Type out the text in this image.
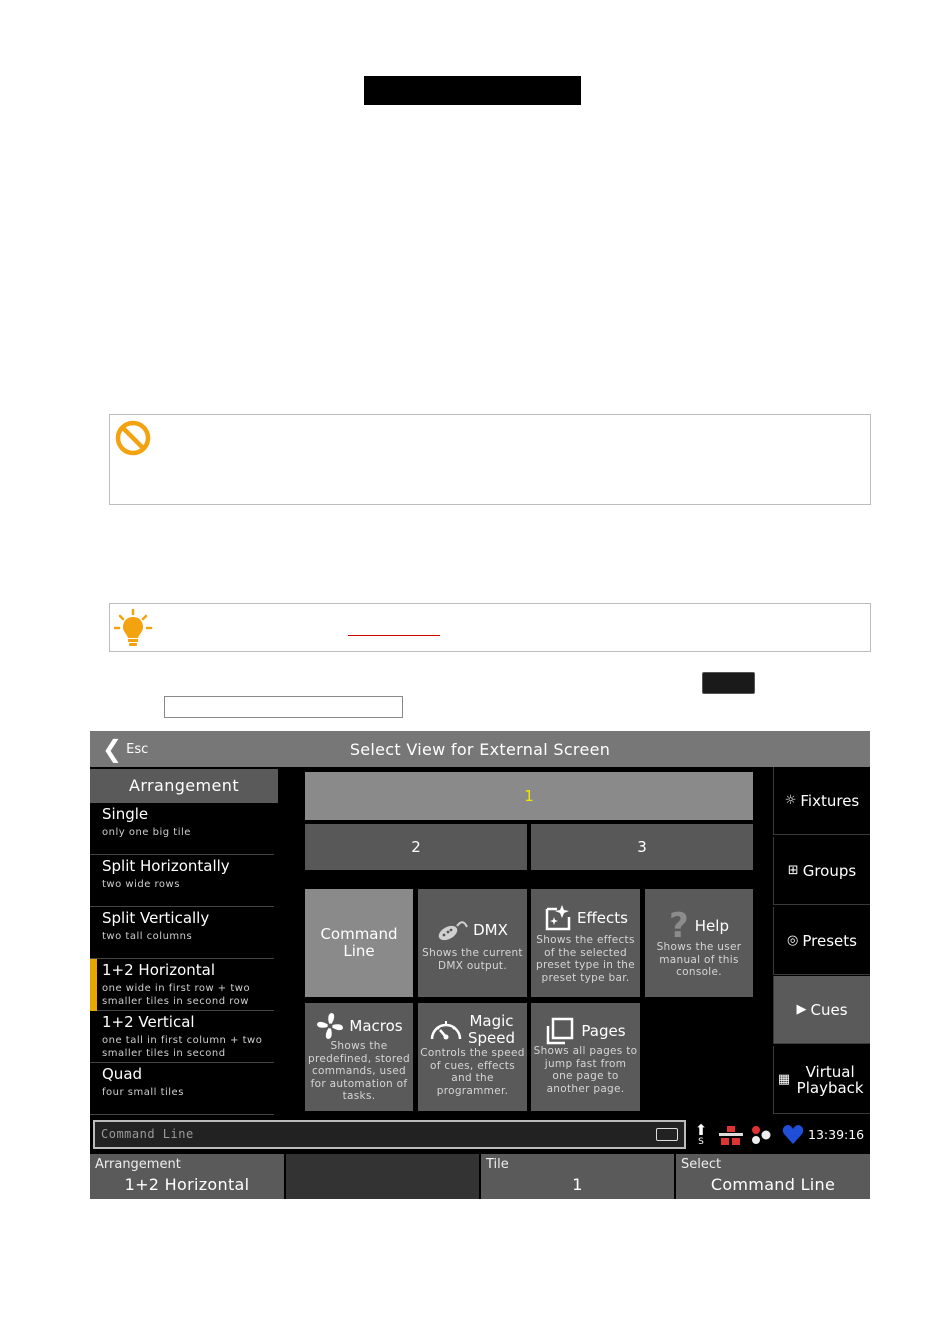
❮ Esc	Select View for External Screen
Arrangement
Single
only one big tile
Split Horizontally
two wide rows
Split Vertically
two tall columns
1+2 Horizontal
one wide in first row + two smaller tiles in second row
1+2 Vertical
one tall in first column + two smaller tiles in second
Quad
four small tiles
1
2	3
Command Line
DMX
Shows the current DMX output.
Effects
Shows the effects of the selected preset type in the preset type bar.
? Help
Shows the user manual of this console.
Macros
Shows the predefined, stored commands, used for automation of tasks.
Magic Speed
Controls the speed of cues, effects and the programmer.
Pages
Shows all pages to jump fast from one page to another page.
☼ Fixtures
⊞ Groups
◎ Presets
▶ Cues
▦	Virtual Playback
Command Line	⬆
S	13:39:16
Arrangement
1+2 Horizontal
Tile
1
Select
Command Line
